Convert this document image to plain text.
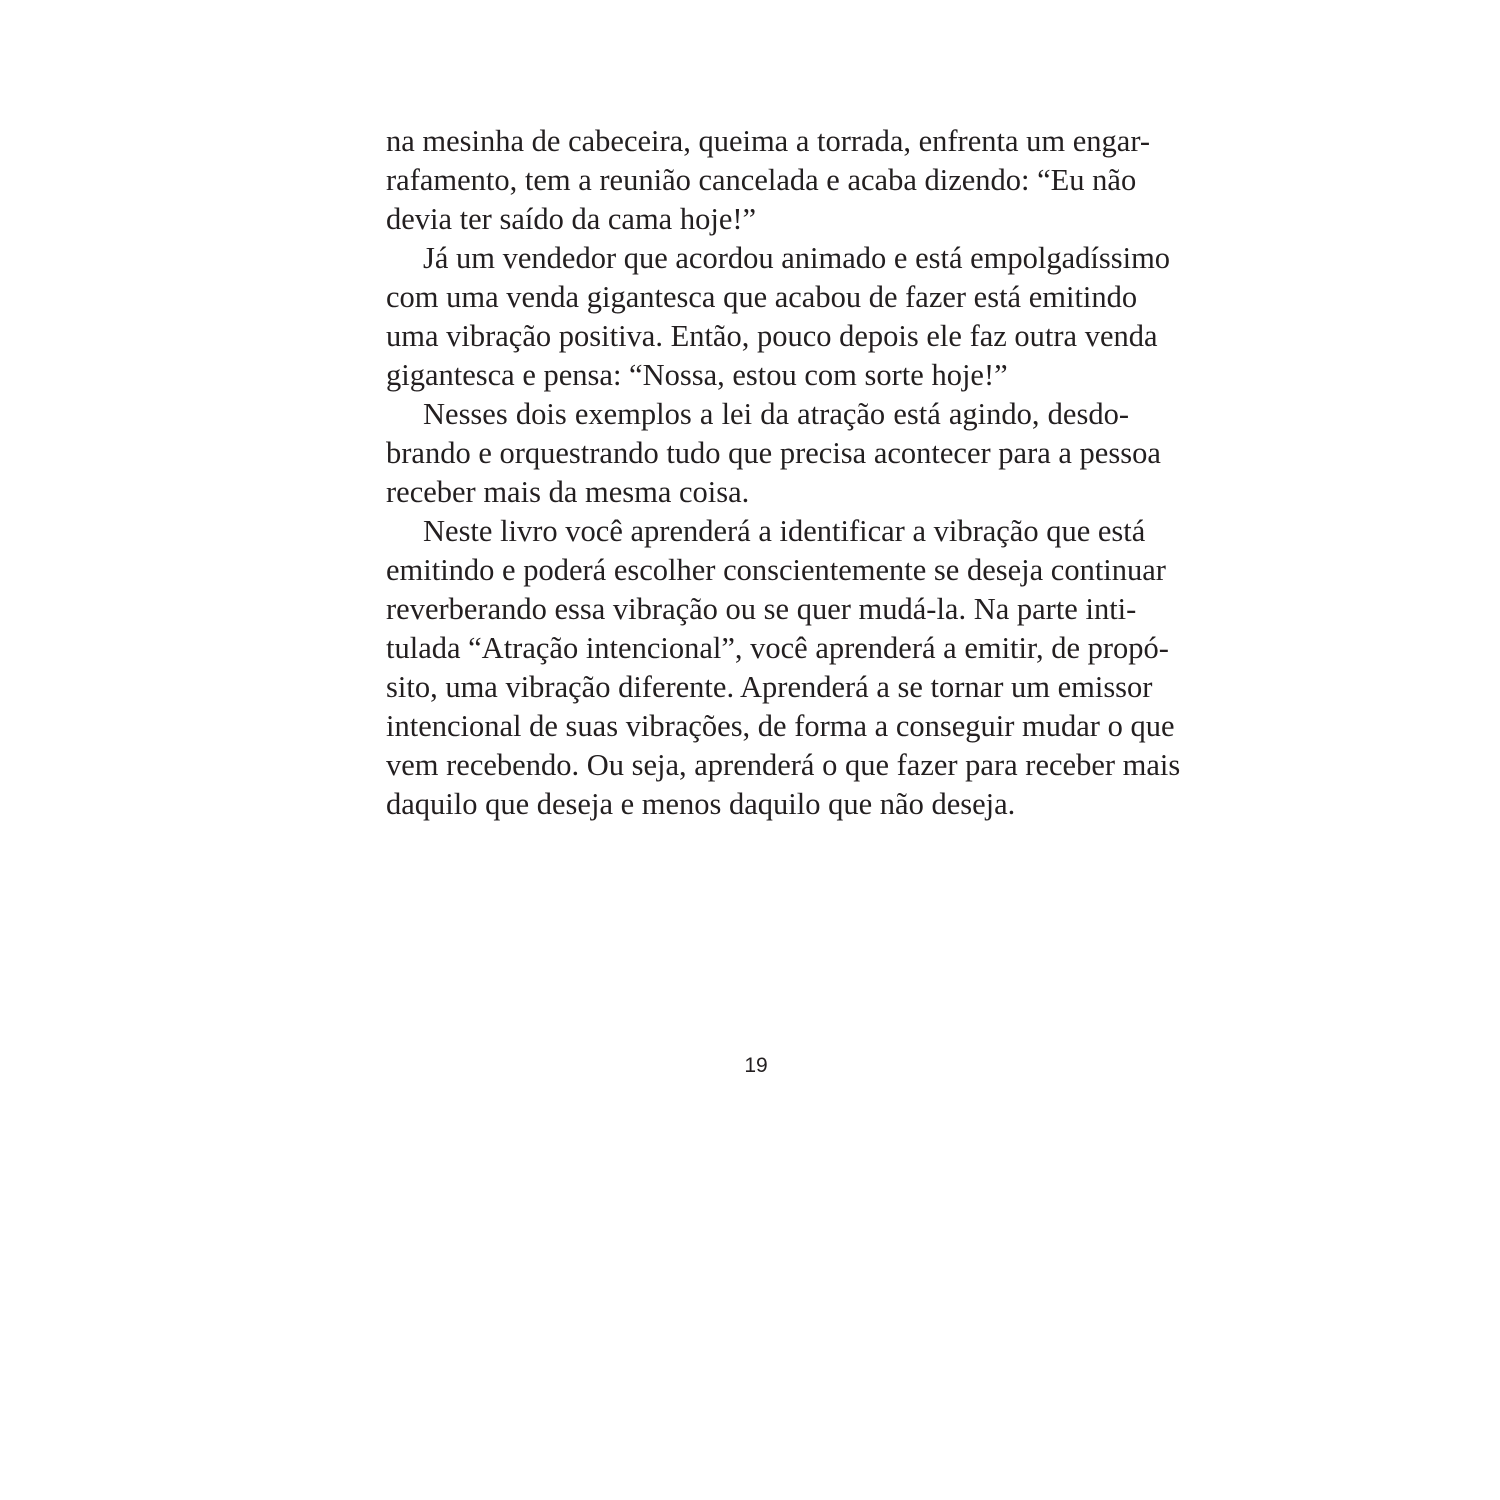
na mesinha de cabeceira, queima a torrada, enfrenta um engar-
rafamento, tem a reunião cancelada e acaba dizendo: “Eu não
devia ter saído da cama hoje!”
Já um vendedor que acordou animado e está empolgadíssimo
com uma venda gigantesca que acabou de fazer está emitindo
uma vibração positiva. Então, pouco depois ele faz outra venda
gigantesca e pensa: “Nossa, estou com sorte hoje!”
Nesses dois exemplos a lei da atração está agindo, desdo-
brando e orquestrando tudo que precisa acontecer para a pessoa
receber mais da mesma coisa.
Neste livro você aprenderá a identificar a vibração que está
emitindo e poderá escolher conscientemente se deseja continuar
reverberando essa vibração ou se quer mudá-la. Na parte inti-
tulada “Atração intencional”, você aprenderá a emitir, de propó-
sito, uma vibração diferente. Aprenderá a se tornar um emissor
intencional de suas vibrações, de forma a conseguir mudar o que
vem recebendo. Ou seja, aprenderá o que fazer para receber mais
daquilo que deseja e menos daquilo que não deseja.
19
